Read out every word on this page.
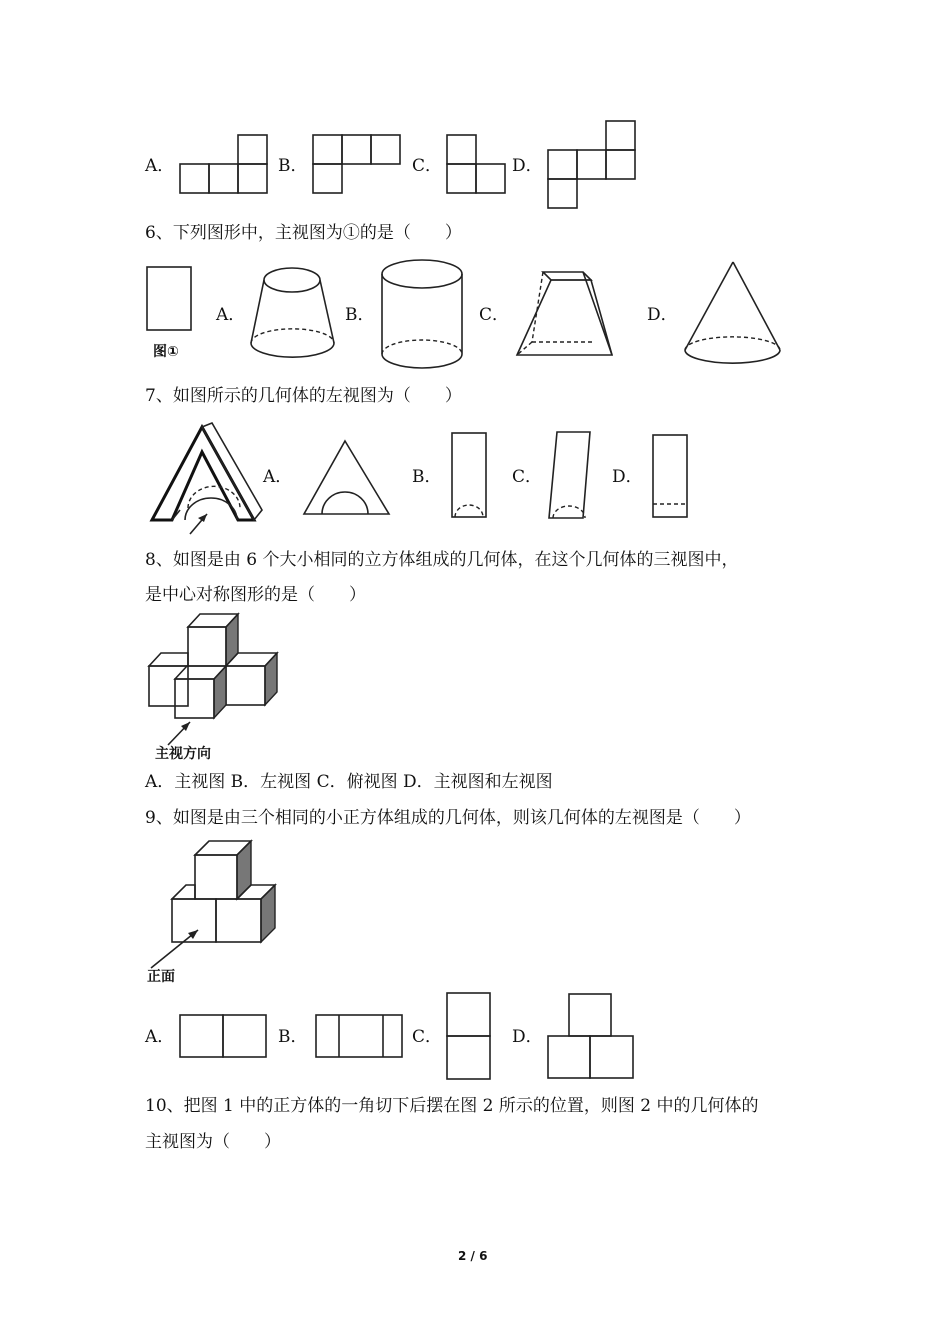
A．	B．	C．	D．
6、下列图形中，主视图为①的是（　　）
图①
A．	B．	C．	D．
7、如图所示的几何体的左视图为（　　）
A．	B．	C．	D．
8、如图是由 6 个大小相同的立方体组成的几何体，在这个几何体的三视图中，
是中心对称图形的是（　　）
主视方向
A．主视图 B．左视图 C．俯视图 D．主视图和左视图
9、如图是由三个相同的小正方体组成的几何体，则该几何体的左视图是（　　）
正面
A．	B．	C．	D．
10、把图 1 中的正方体的一角切下后摆在图 2 所示的位置，则图 2 中的几何体的
主视图为（　　）
2 / 6
